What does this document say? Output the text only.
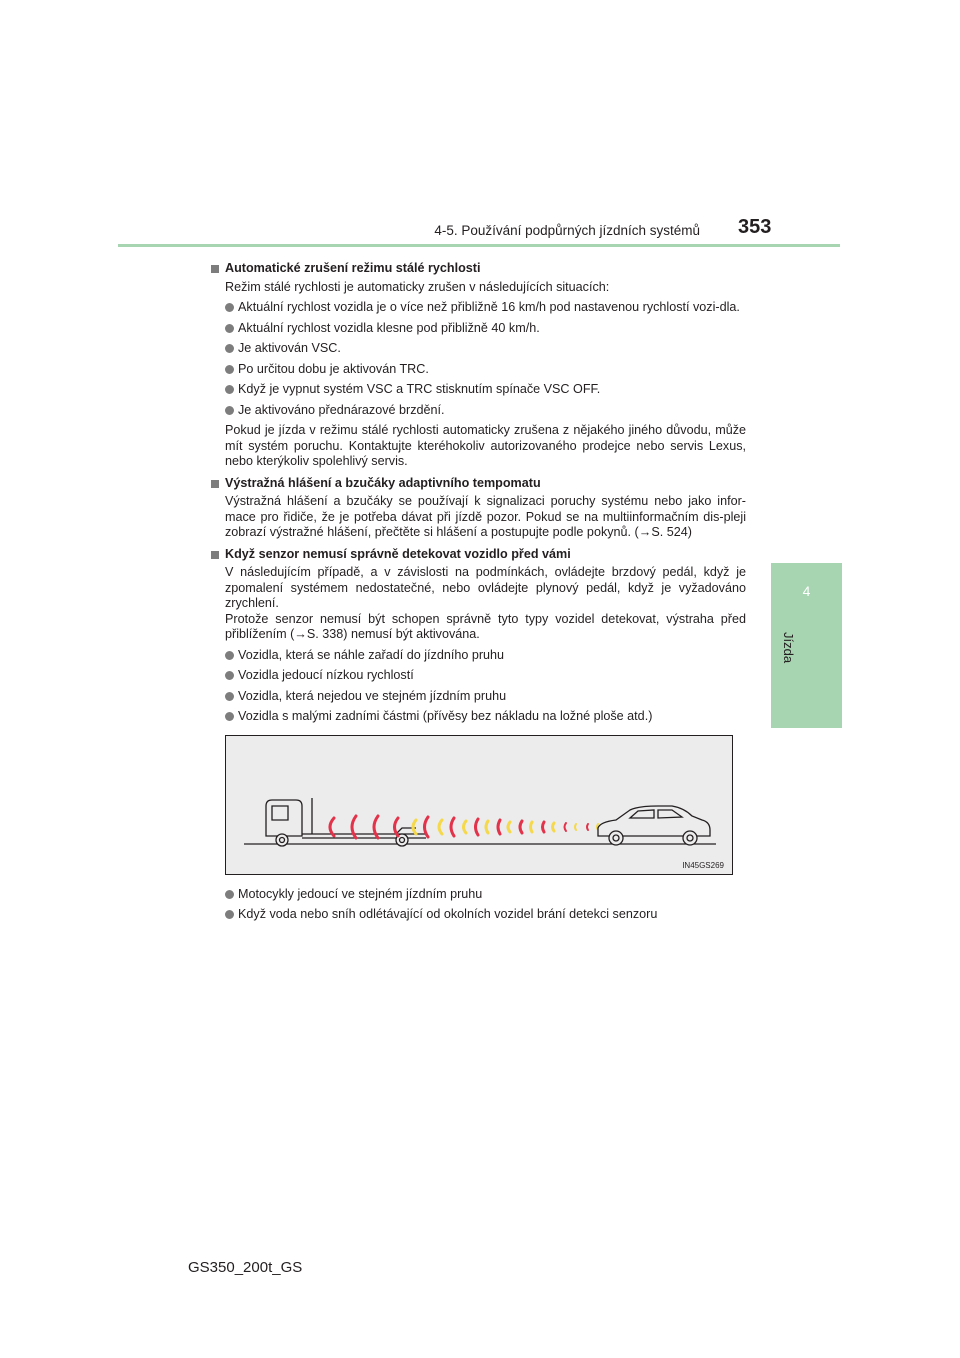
4-5. Používání podpůrných jízdních systémů 353
4
Jízda
Automatické zrušení režimu stálé rychlosti
Režim stálé rychlosti je automaticky zrušen v následujících situacích:
Aktuální rychlost vozidla je o více než přibližně 16 km/h pod nastavenou rychlostí vozi-dla.
Aktuální rychlost vozidla klesne pod přibližně 40 km/h.
Je aktivován VSC.
Po určitou dobu je aktivován TRC.
Když je vypnut systém VSC a TRC stisknutím spínače VSC OFF.
Je aktivováno přednárazové brzdění.
Pokud je jízda v režimu stálé rychlosti automaticky zrušena z nějakého jiného důvodu, může mít systém poruchu. Kontaktujte kteréhokoliv autorizovaného prodejce nebo servis Lexus, nebo kterýkoliv spolehlivý servis.
Výstražná hlášení a bzučáky adaptivního tempomatu
Výstražná hlášení a bzučáky se používají k signalizaci poruchy systému nebo jako infor-mace pro řidiče, že je potřeba dávat při jízdě pozor. Pokud se na multiinformačním dis-pleji zobrazí výstražné hlášení, přečtěte si hlášení a postupujte podle pokynů. (→S. 524)
Když senzor nemusí správně detekovat vozidlo před vámi
V následujícím případě, a v závislosti na podmínkách, ovládejte brzdový pedál, když je zpomalení systémem nedostatečné, nebo ovládejte plynový pedál, když je vyžadováno zrychlení.
Protože senzor nemusí být schopen správně tyto typy vozidel detekovat, výstraha před přiblížením (→S. 338) nemusí být aktivována.
Vozidla, která se náhle zařadí do jízdního pruhu
Vozidla jedoucí nízkou rychlostí
Vozidla, která nejedou ve stejném jízdním pruhu
Vozidla s malými zadními částmi (přívěsy bez nákladu na ložné ploše atd.)
IN45GS269
Motocykly jedoucí ve stejném jízdním pruhu
Když voda nebo sníh odlétávající od okolních vozidel brání detekci senzoru
GS350_200t_GS
